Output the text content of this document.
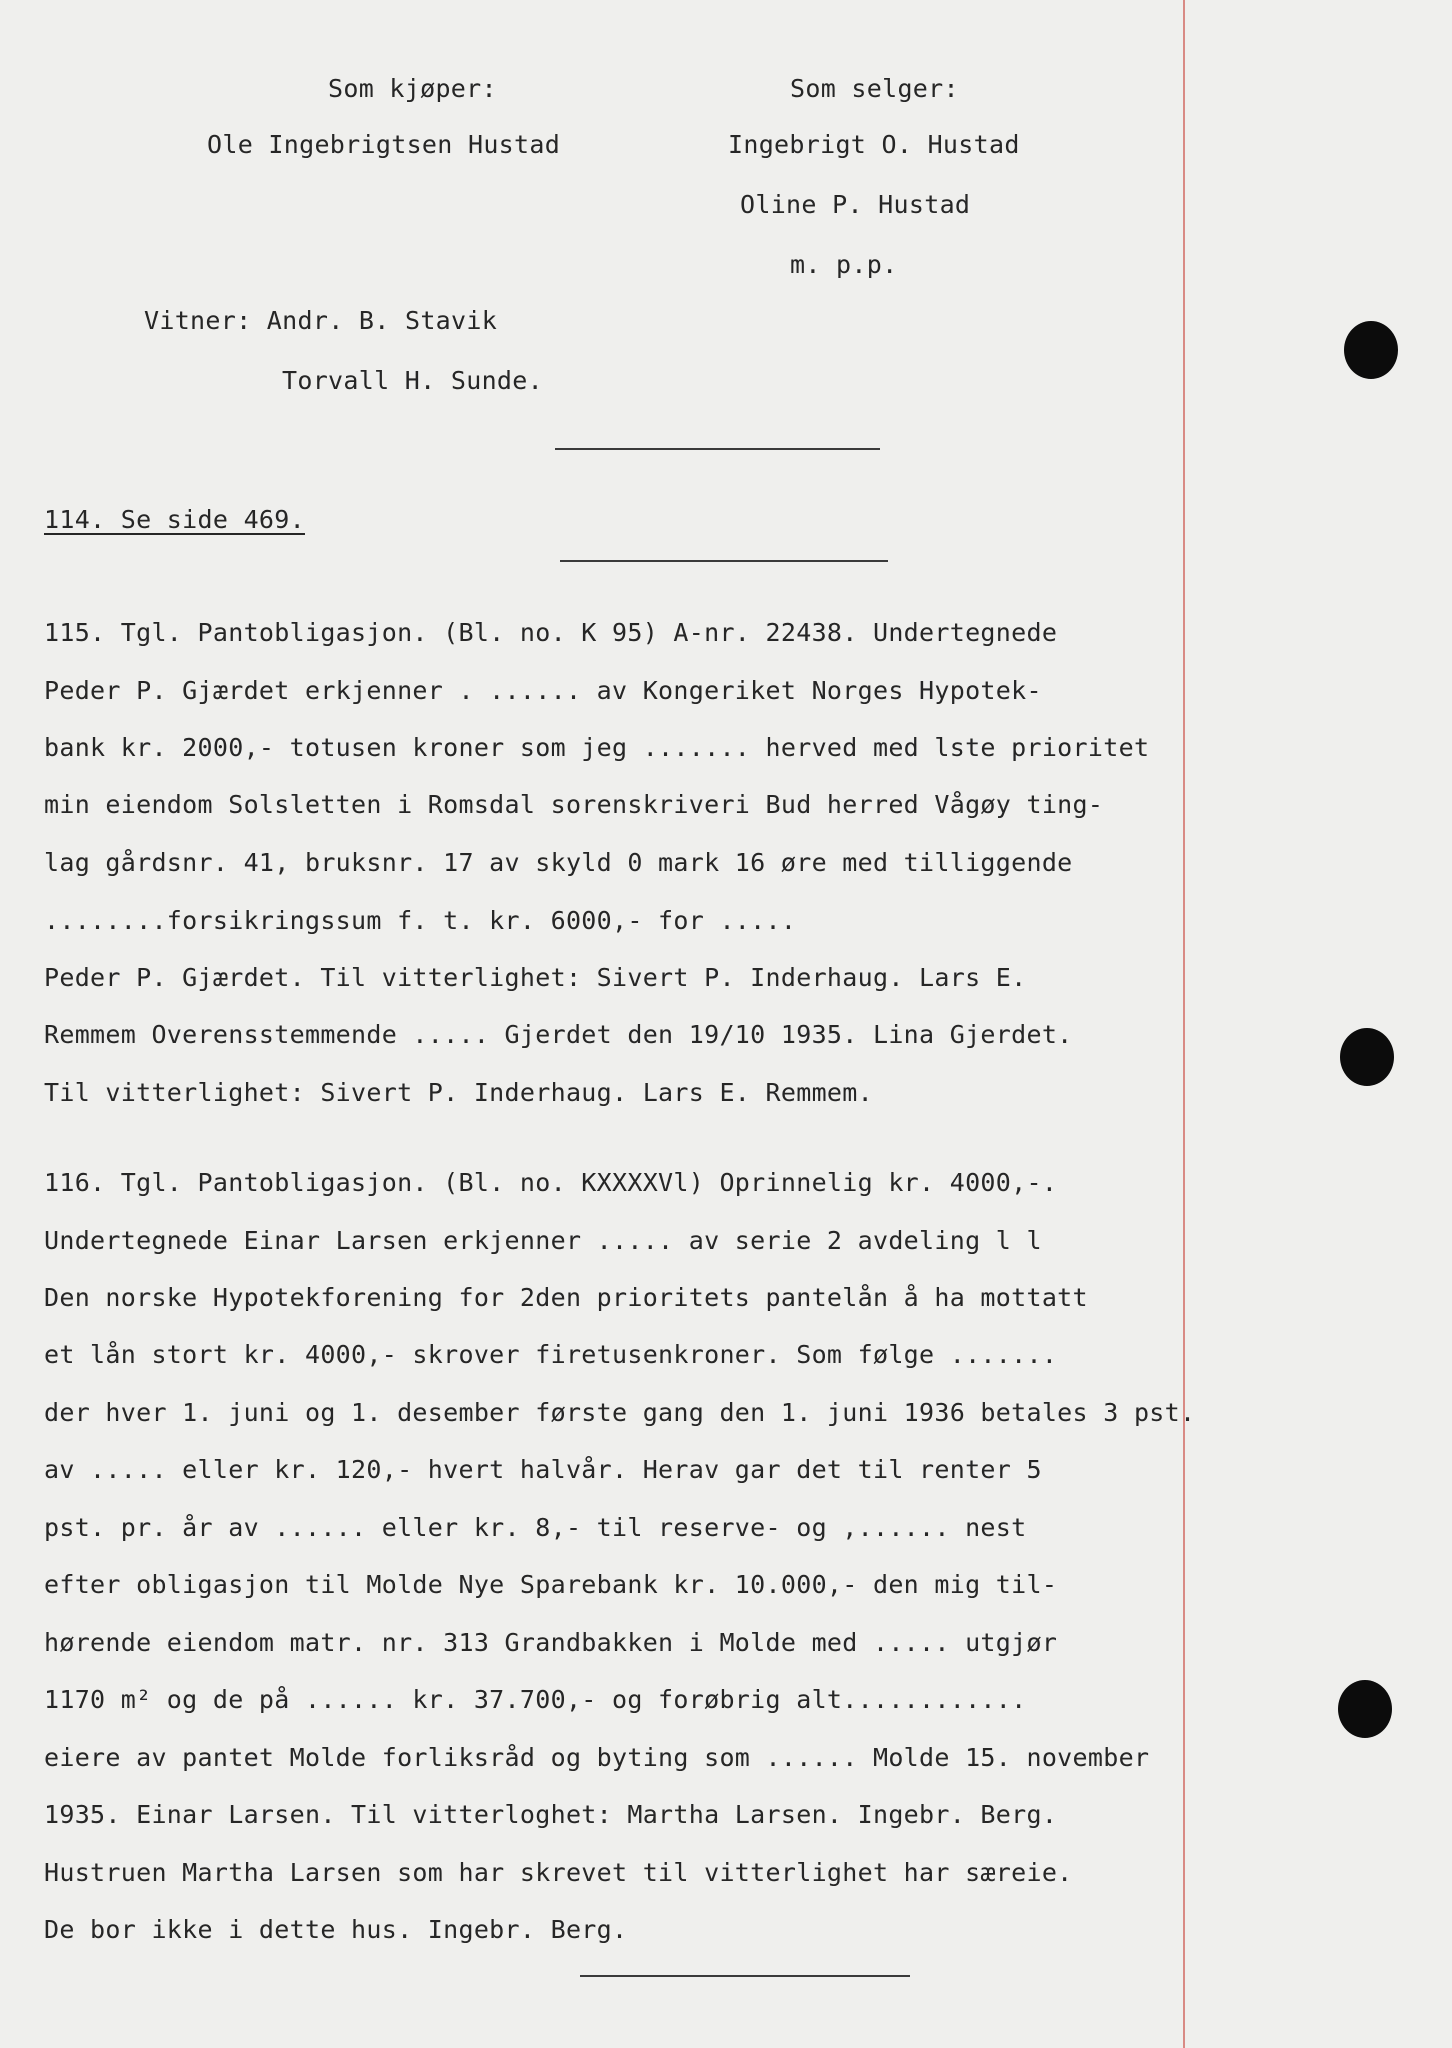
Som kjøper:	Som selger:
Ole Ingebrigtsen Hustad	Ingebrigt O. Hustad
Oline P. Hustad
m. p.p.
Vitner: Andr. B. Stavik
Torvall H. Sunde.
114. Se side 469.
115. Tgl. Pantobligasjon. (Bl. no. K 95) A-nr. 22438. Undertegnede
Peder P. Gjærdet erkjenner . ...... av Kongeriket Norges Hypotek-
bank kr. 2000,- totusen kroner som jeg ....... herved med lste prioritet
min eiendom Solsletten i Romsdal sorenskriveri Bud herred Vågøy ting-
lag gårdsnr. 41, bruksnr. 17 av skyld 0 mark 16 øre med tilliggende
........forsikringssum f. t. kr. 6000,- for .....
Peder P. Gjærdet. Til vitterlighet: Sivert P. Inderhaug. Lars E.
Remmem Overensstemmende ..... Gjerdet den 19/10 1935. Lina Gjerdet.
Til vitterlighet: Sivert P. Inderhaug. Lars E. Remmem.
116. Tgl. Pantobligasjon. (Bl. no. KXXXXVl) Oprinnelig kr. 4000,-.
Undertegnede Einar Larsen erkjenner ..... av serie 2 avdeling l l
Den norske Hypotekforening for 2den prioritets pantelån å ha mottatt
et lån stort kr. 4000,- skrover firetusenkroner. Som følge .......
der hver 1. juni og 1. desember første gang den 1. juni 1936 betales 3 pst.
av ..... eller kr. 120,- hvert halvår. Herav gar det til renter 5
pst. pr. år av ...... eller kr. 8,- til reserve- og ,...... nest
efter obligasjon til Molde Nye Sparebank kr. 10.000,- den mig til-
hørende eiendom matr. nr. 313 Grandbakken i Molde med ..... utgjør
1170 m² og de på ...... kr. 37.700,- og forøbrig alt............
eiere av pantet Molde forliksråd og byting som ...... Molde 15. november
1935. Einar Larsen. Til vitterloghet: Martha Larsen. Ingebr. Berg.
Hustruen Martha Larsen som har skrevet til vitterlighet har særeie.
De bor ikke i dette hus. Ingebr. Berg.
